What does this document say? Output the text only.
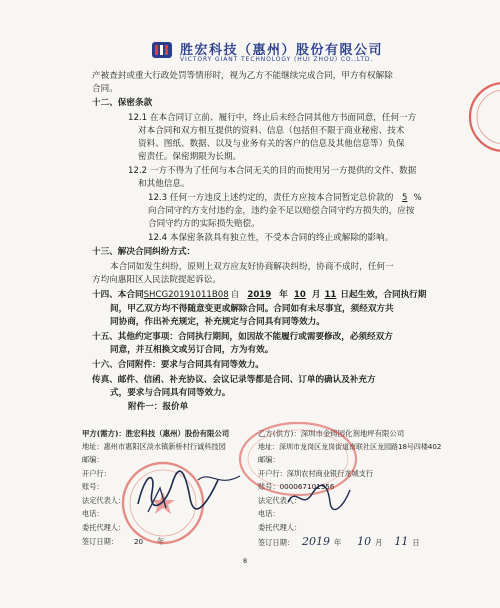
胜宏科技（惠州）股份有限公司
VICTORY GIANT TECHNOLOGY (HUI ZHOU) CO.,LTD.
产被查封或重大行政处罚等情形时，视为乙方不能继续完成合同，甲方有权解除
合同。
十二、保密条款
12.1 在本合同订立前、履行中，终止后未经合同其他方书面同意，任何一方
对本合同和双方相互提供的资料、信息（包括但不限于商业秘密、技术
资料、图纸、数据、以及与业务有关的客户的信息及其他信息等）负保
密责任。保密期限为长期。
12.2 一方不得为了任何与本合同无关的目的而使用另一方提供的文件、数据
和其他信息。
12.3 任何一方违反上述约定的，责任方应按本合同暂定总价款的 5 %
向合同守约方支付违约金，违约金不足以赔偿合同守约方损失的，应按
合同守约方的实际损失赔偿。
12.4 本保密条款具有独立性，不受本合同的终止或解除的影响。
十三、解决合同纠纷方式：
本合同如发生纠纷，原则上双方应友好协商解决纠纷，协商不成时，任何一
方均向惠阳区人民法院提起诉讼。
十四、本合同SHCG20191011B08 自 2019 年 10 月 11 日起生效，合同执行期
间，甲乙双方均不得随意变更或解除合同。合同如有未尽事宜，须经双方共
同协商，作出补充规定，补充规定与合同具有同等效力。
十五、其他约定事项：合同执行期间，如因故不能履行或需要修改，必须经双方
同意，并互相换文或另订合同，方为有效。
十六、合同附件：要求与合同具有同等效力。
传真、邮件、信函、补充协议、会议记录等都是合同、订单的确认及补充方
式，要求与合同具有同等效力。
附件一：报价单
甲方(需方)：胜宏科技（惠州）股份有限公司
地址：惠州市惠阳区淡水镇新桥村行诚科技园
邮编：
开户行：
账号：
法定代表人：
电话：
委托代理人：
签订日期： 20 年
乙方(供方)：深圳市金铸园化剂地坪有限公司
地址：深圳市龙岗区龙岗街道南联社区龙园路18号四楼402
邮编：
开户行：深圳农村商业银行龙城支行
账号：000067101356
法定代表人：
电话：
委托代理人：
签订日期： 2019 年 10 月 11 日
8
